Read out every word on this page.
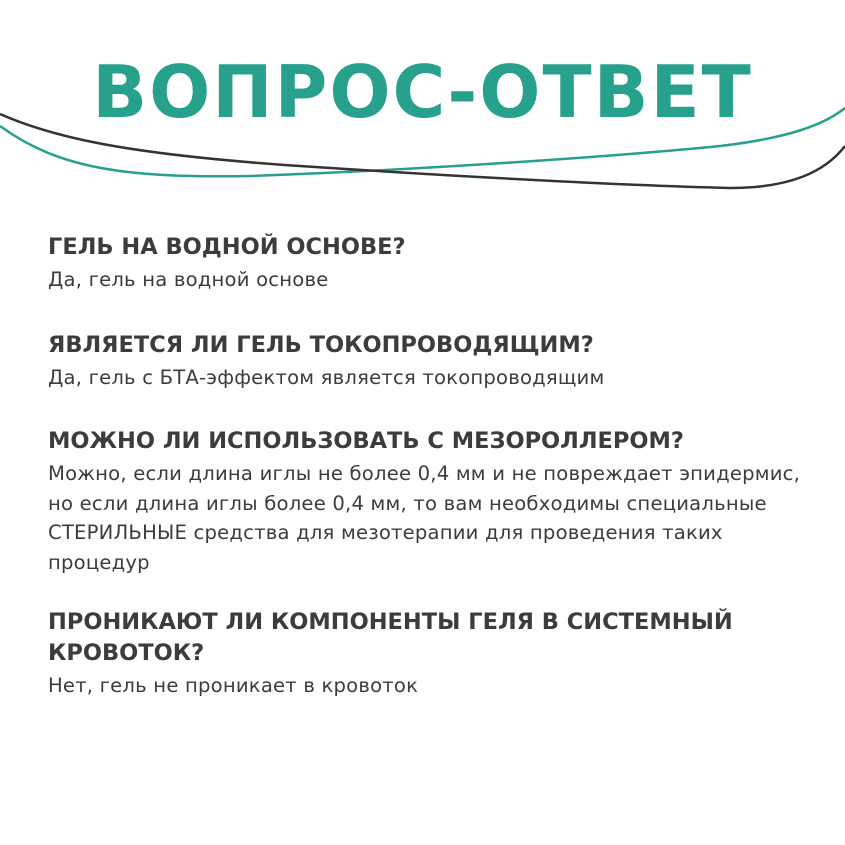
ВОПРОС-ОТВЕТ

ГЕЛЬ НА ВОДНОЙ ОСНОВЕ?

Да, гель на водной основе

ЯВЛЯЕТСЯ ЛИ ГЕЛЬ ТОКОПРОВОДЯЩИМ?

Да, гель с БТА-эффектом является токопроводящим

МОЖНО ЛИ ИСПОЛЬЗОВАТЬ С МЕЗОРОЛЛЕРОМ?

Можно, если длина иглы не более 0,4 мм и не повреждает эпидермис, но если длина иглы более 0,4 мм, то вам необходимы специальные СТЕРИЛЬНЫЕ средства для мезотерапии для проведения таких процедур

ПРОНИКАЮТ ЛИ КОМПОНЕНТЫ ГЕЛЯ В СИСТЕМНЫЙ КРОВОТОК?

Нет, гель не проникает в кровоток
